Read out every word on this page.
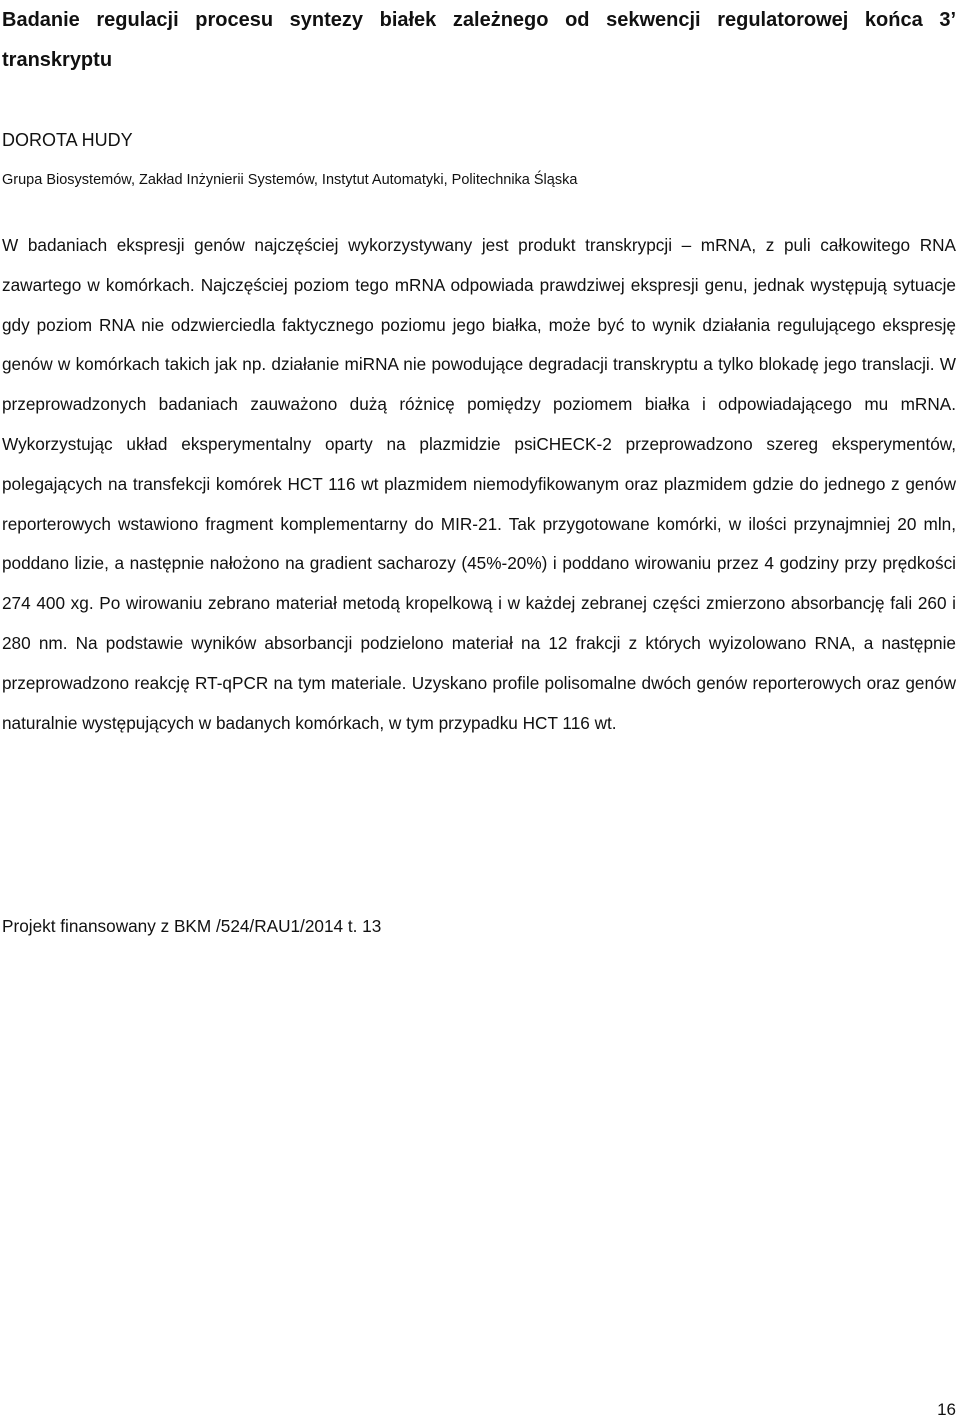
Badanie regulacji procesu syntezy białek zależnego od sekwencji regulatorowej końca 3’ transkryptu

DOROTA HUDY

Grupa Biosystemów, Zakład Inżynierii Systemów, Instytut Automatyki, Politechnika Śląska

W badaniach ekspresji genów najczęściej wykorzystywany jest produkt transkrypcji – mRNA, z puli całkowitego RNA zawartego w komórkach. Najczęściej poziom tego mRNA odpowiada prawdziwej ekspresji genu, jednak występują sytuacje gdy poziom RNA nie odzwierciedla faktycznego poziomu jego białka, może być to wynik działania regulującego ekspresję genów w komórkach takich jak np. działanie miRNA nie powodujące degradacji transkryptu a tylko blokadę jego translacji. W przeprowadzonych badaniach zauważono dużą różnicę pomiędzy poziomem białka i odpowiadającego mu mRNA. Wykorzystując układ eksperymentalny oparty na plazmidzie psiCHECK-2 przeprowadzono szereg eksperymentów, polegających na transfekcji komórek HCT 116 wt plazmidem niemodyfikowanym oraz plazmidem gdzie do jednego z genów reporterowych wstawiono fragment komplementarny do MIR-21. Tak przygotowane komórki, w ilości przynajmniej 20 mln, poddano lizie, a następnie nałożono na gradient sacharozy (45%-20%) i poddano wirowaniu przez 4 godziny przy prędkości 274 400 xg. Po wirowaniu zebrano materiał metodą kropelkową i w każdej zebranej części zmierzono absorbancję fali 260 i 280 nm. Na podstawie wyników absorbancji podzielono materiał na 12 frakcji z których wyizolowano RNA, a następnie przeprowadzono reakcję RT-qPCR na tym materiale. Uzyskano profile polisomalne dwóch genów reporterowych oraz genów naturalnie występujących w badanych komórkach, w tym przypadku HCT 116 wt.

Projekt finansowany z BKM /524/RAU1/2014 t. 13

16
